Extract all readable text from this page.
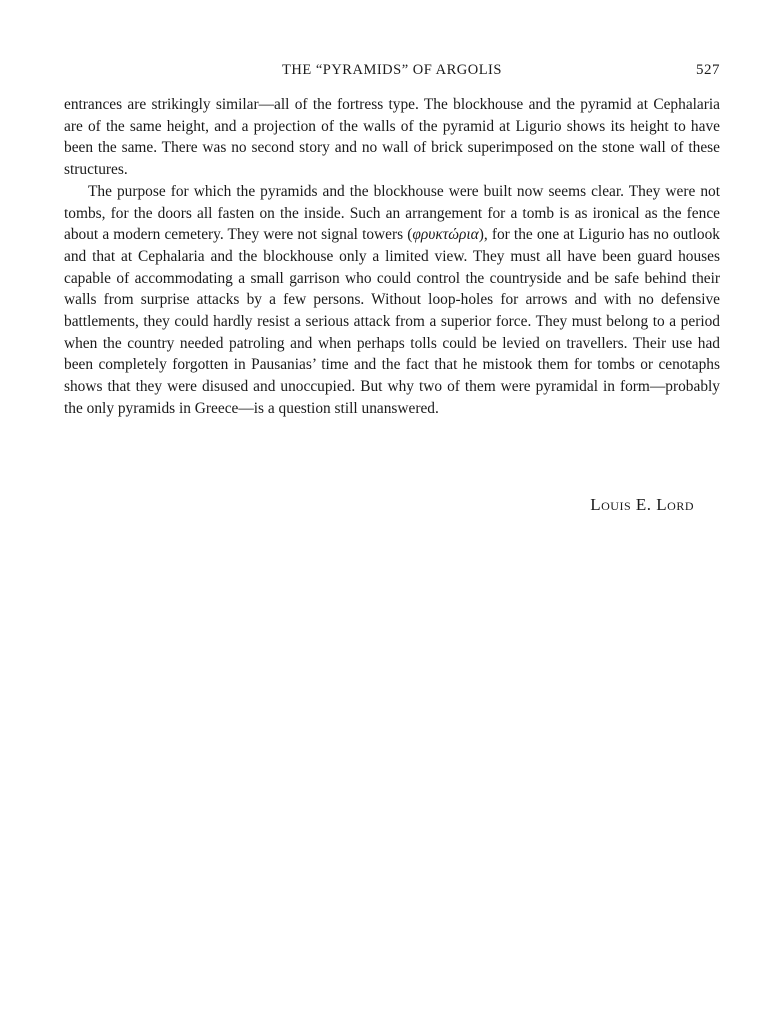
THE “PYRAMIDS” OF ARGOLIS	527

entrances are strikingly similar—all of the fortress type. The blockhouse and the pyramid at Cephalaria are of the same height, and a projection of the walls of the pyramid at Ligurio shows its height to have been the same. There was no second story and no wall of brick superimposed on the stone wall of these structures.

The purpose for which the pyramids and the blockhouse were built now seems clear. They were not tombs, for the doors all fasten on the inside. Such an arrangement for a tomb is as ironical as the fence about a modern cemetery. They were not signal towers (φρυκτώρια), for the one at Ligurio has no outlook and that at Cephalaria and the blockhouse only a limited view. They must all have been guard houses capable of accommodating a small garrison who could control the countryside and be safe behind their walls from surprise attacks by a few persons. Without loop-holes for arrows and with no defensive battlements, they could hardly resist a serious attack from a superior force. They must belong to a period when the country needed patroling and when perhaps tolls could be levied on travellers. Their use had been completely forgotten in Pausanias’ time and the fact that he mistook them for tombs or cenotaphs shows that they were disused and unoccupied. But why two of them were pyramidal in form—probably the only pyramids in Greece—is a question still unanswered.

Louis E. Lord
